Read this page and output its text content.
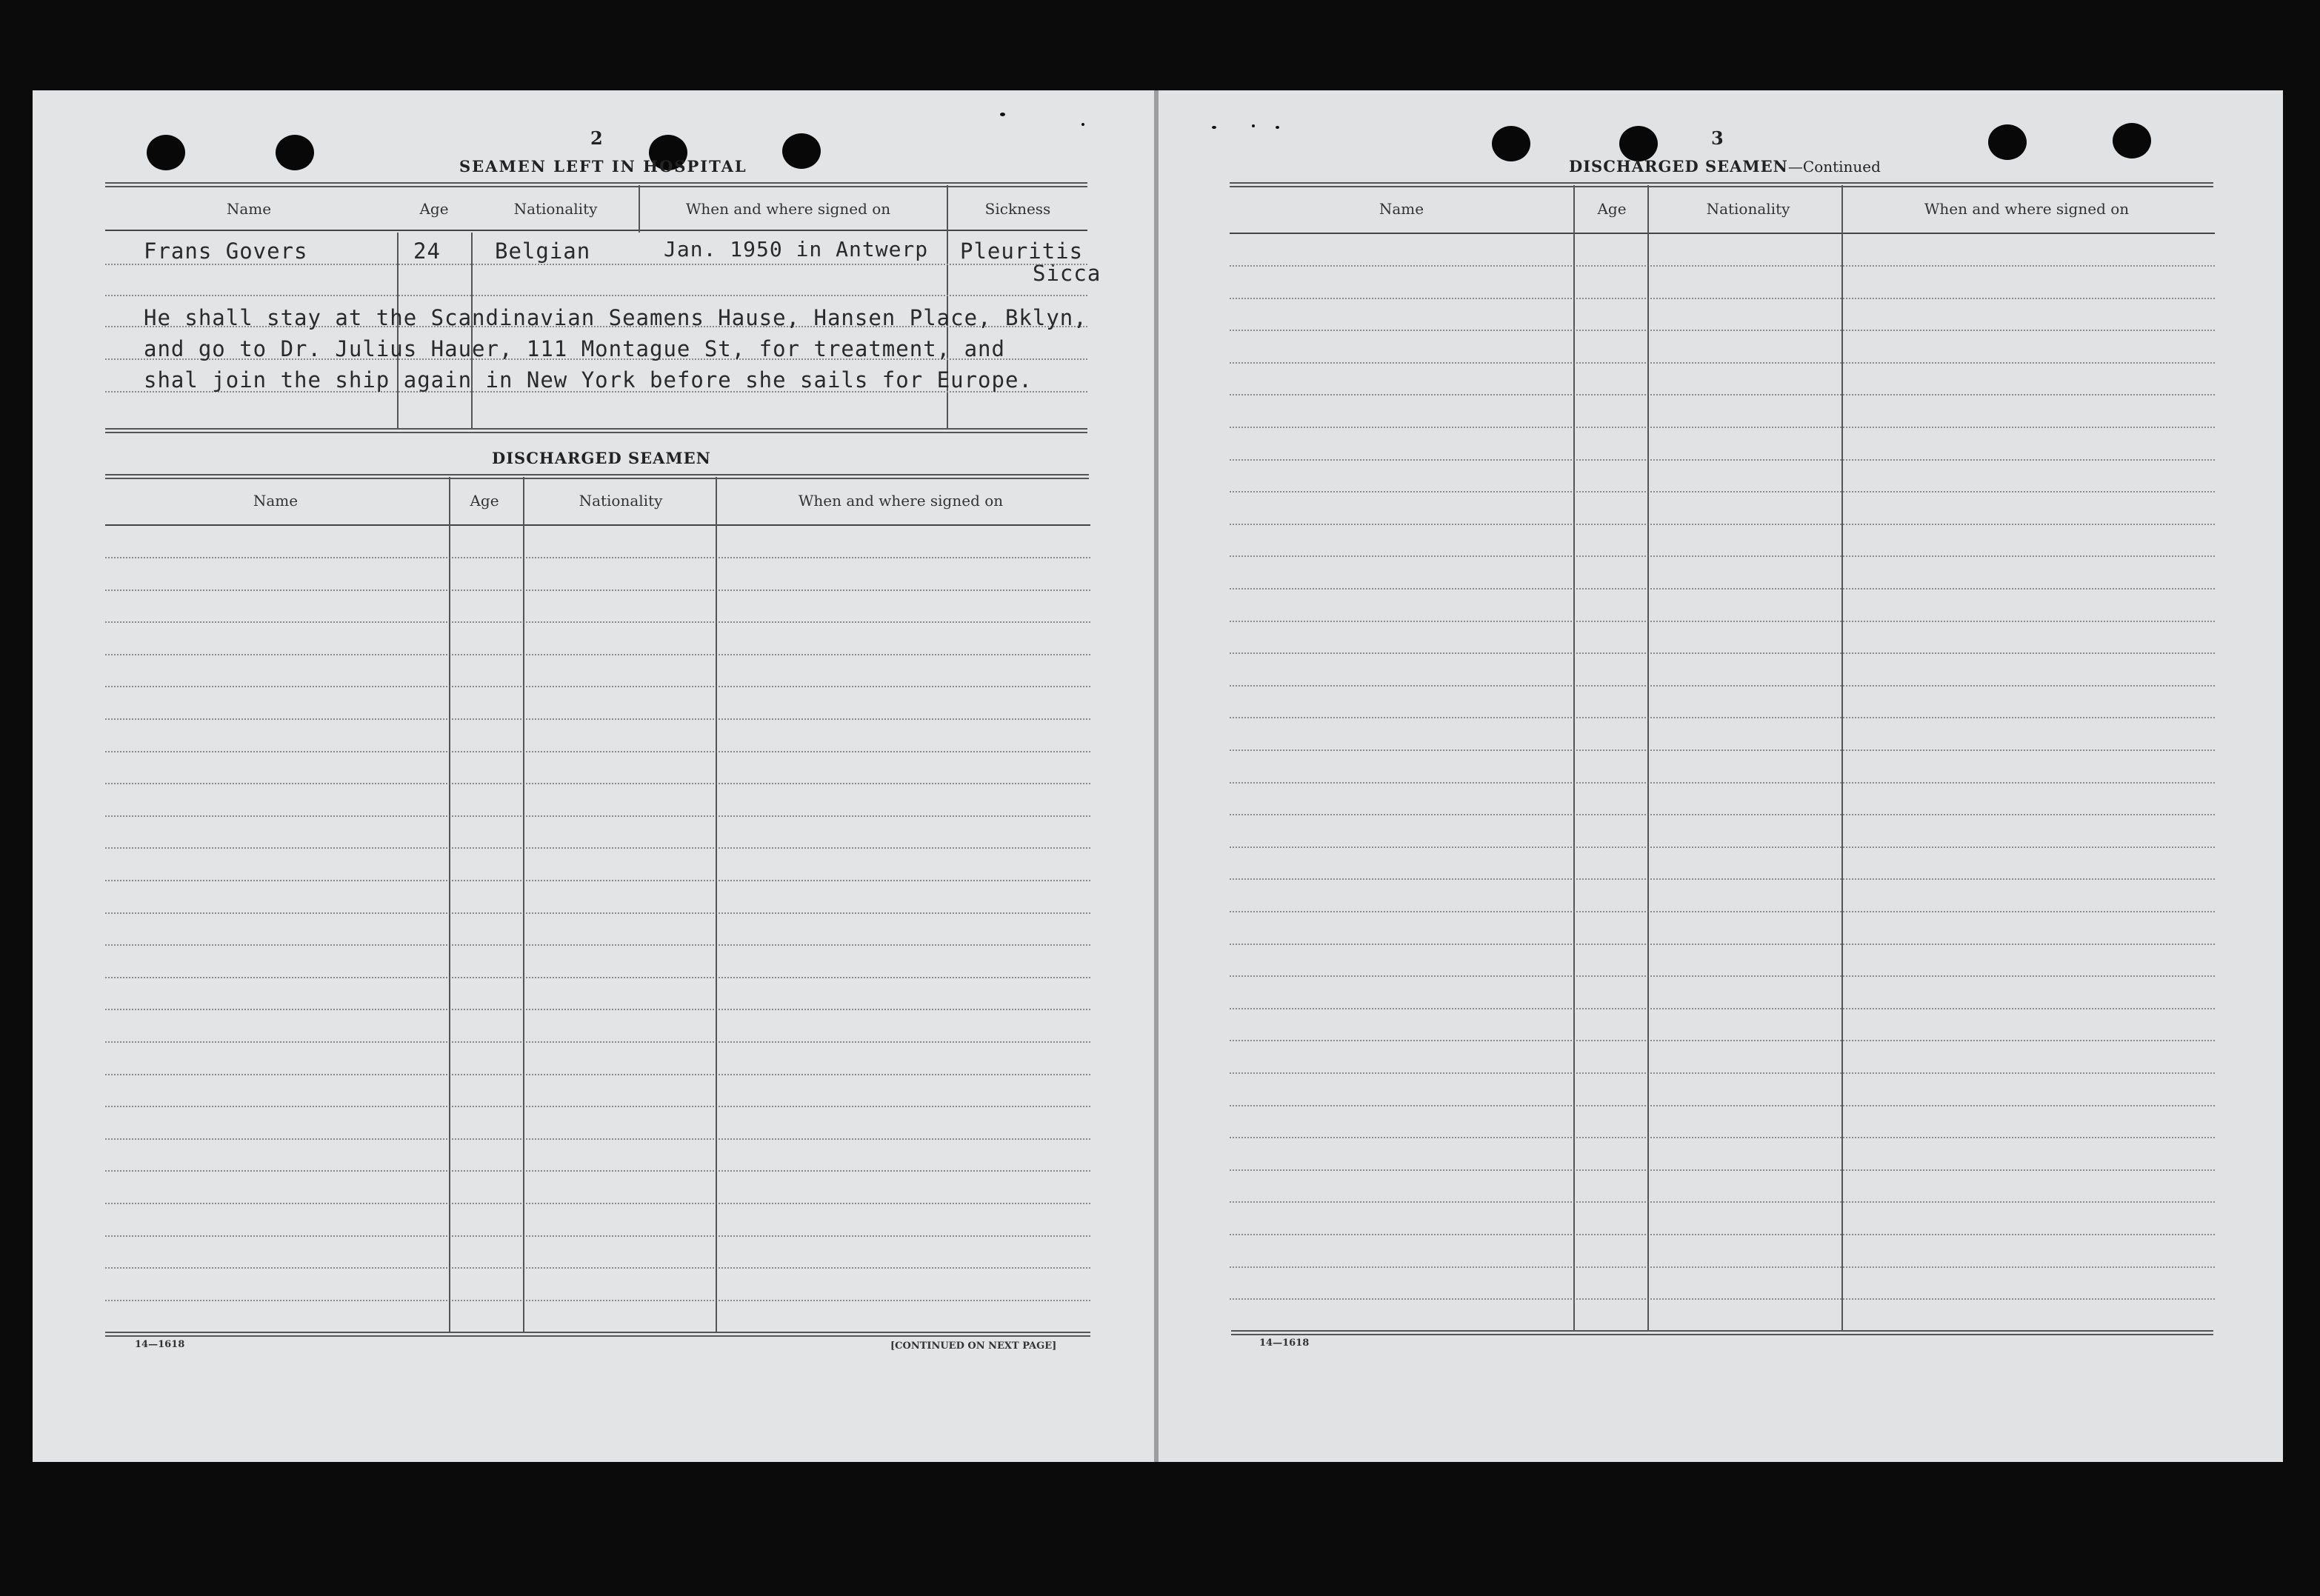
2
SEAMEN LEFT IN HOSPITAL
Name	Age	Nationality	When and where signed on	Sickness
Frans Govers	24	Belgian	Jan. 1950 in Antwerp Pleuritis
Sicca
He shall stay at the Scandinavian Seamens Hause, Hansen Place, Bklyn,
and go to Dr. Julius Hauer, 111 Montague St, for treatment, and
shal join the ship again in New York before she sails for Europe.
DISCHARGED SEAMEN
Name	Age	Nationality	When and where signed on
14—1618	[CONTINUED ON NEXT PAGE]
3
DISCHARGED SEAMEN—Continued
Name	Age	Nationality	When and where signed on
14—1618
